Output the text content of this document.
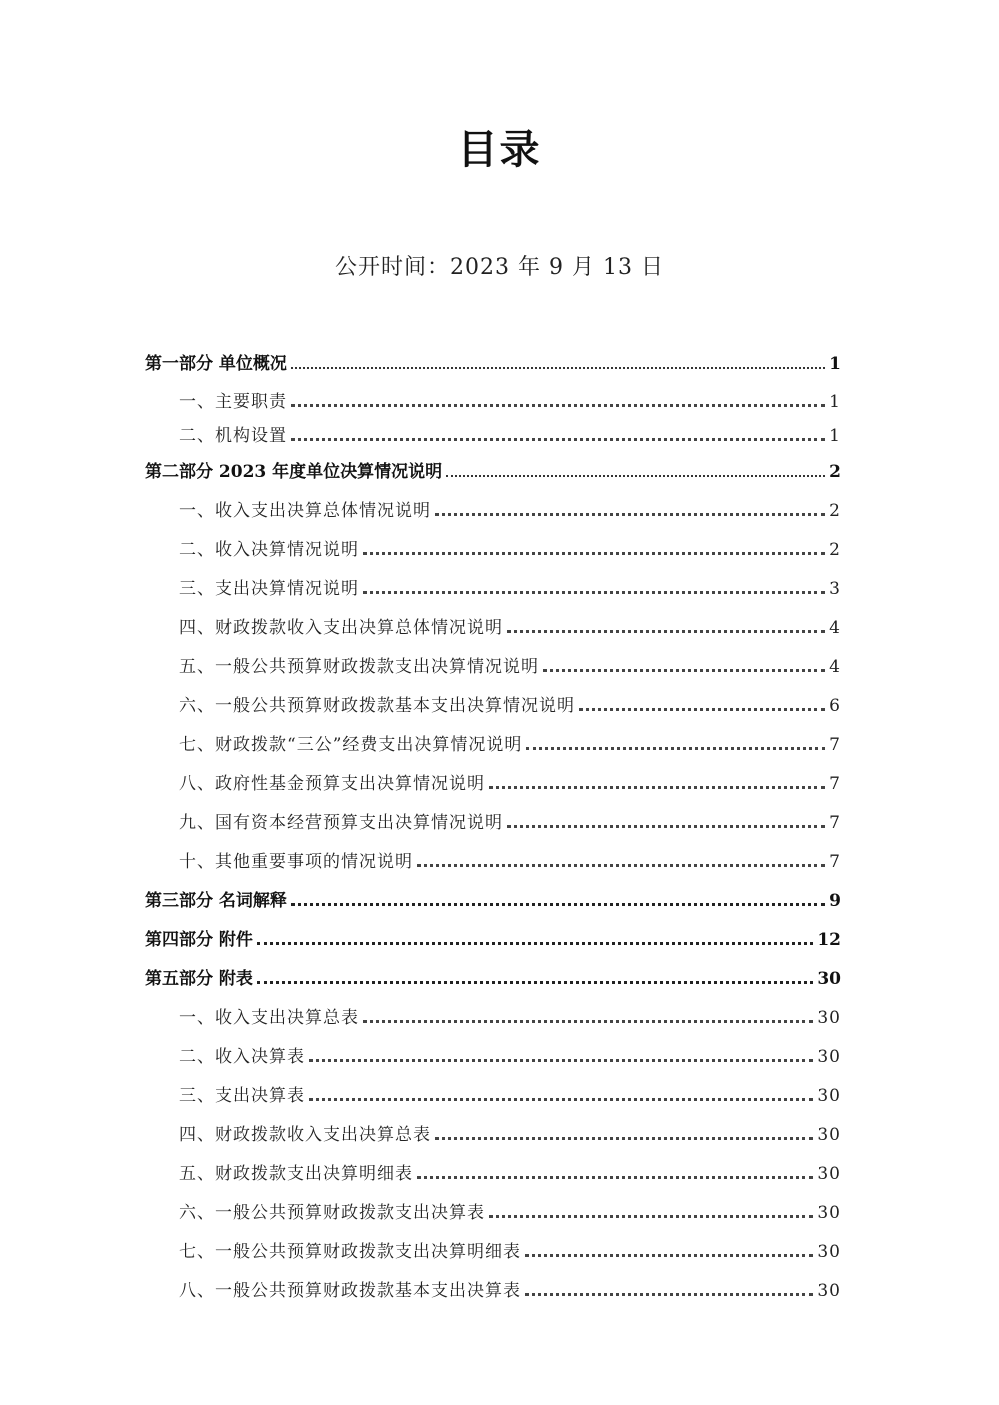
目录
公开时间：2023 年 9 月 13 日
第一部分 单位概况	1
一、主要职责	1
二、机构设置	1
第二部分 2023 年度单位决算情况说明	2
一、收入支出决算总体情况说明	2
二、收入决算情况说明	2
三、支出决算情况说明	3
四、财政拨款收入支出决算总体情况说明	4
五、一般公共预算财政拨款支出决算情况说明	4
六、一般公共预算财政拨款基本支出决算情况说明	6
七、财政拨款“三公”经费支出决算情况说明	7
八、政府性基金预算支出决算情况说明	7
九、国有资本经营预算支出决算情况说明	7
十、其他重要事项的情况说明	7
第三部分 名词解释	9
第四部分 附件	12
第五部分 附表	30
一、收入支出决算总表	30
二、收入决算表	30
三、支出决算表	30
四、财政拨款收入支出决算总表	30
五、财政拨款支出决算明细表	30
六、一般公共预算财政拨款支出决算表	30
七、一般公共预算财政拨款支出决算明细表	30
八、一般公共预算财政拨款基本支出决算表	30
